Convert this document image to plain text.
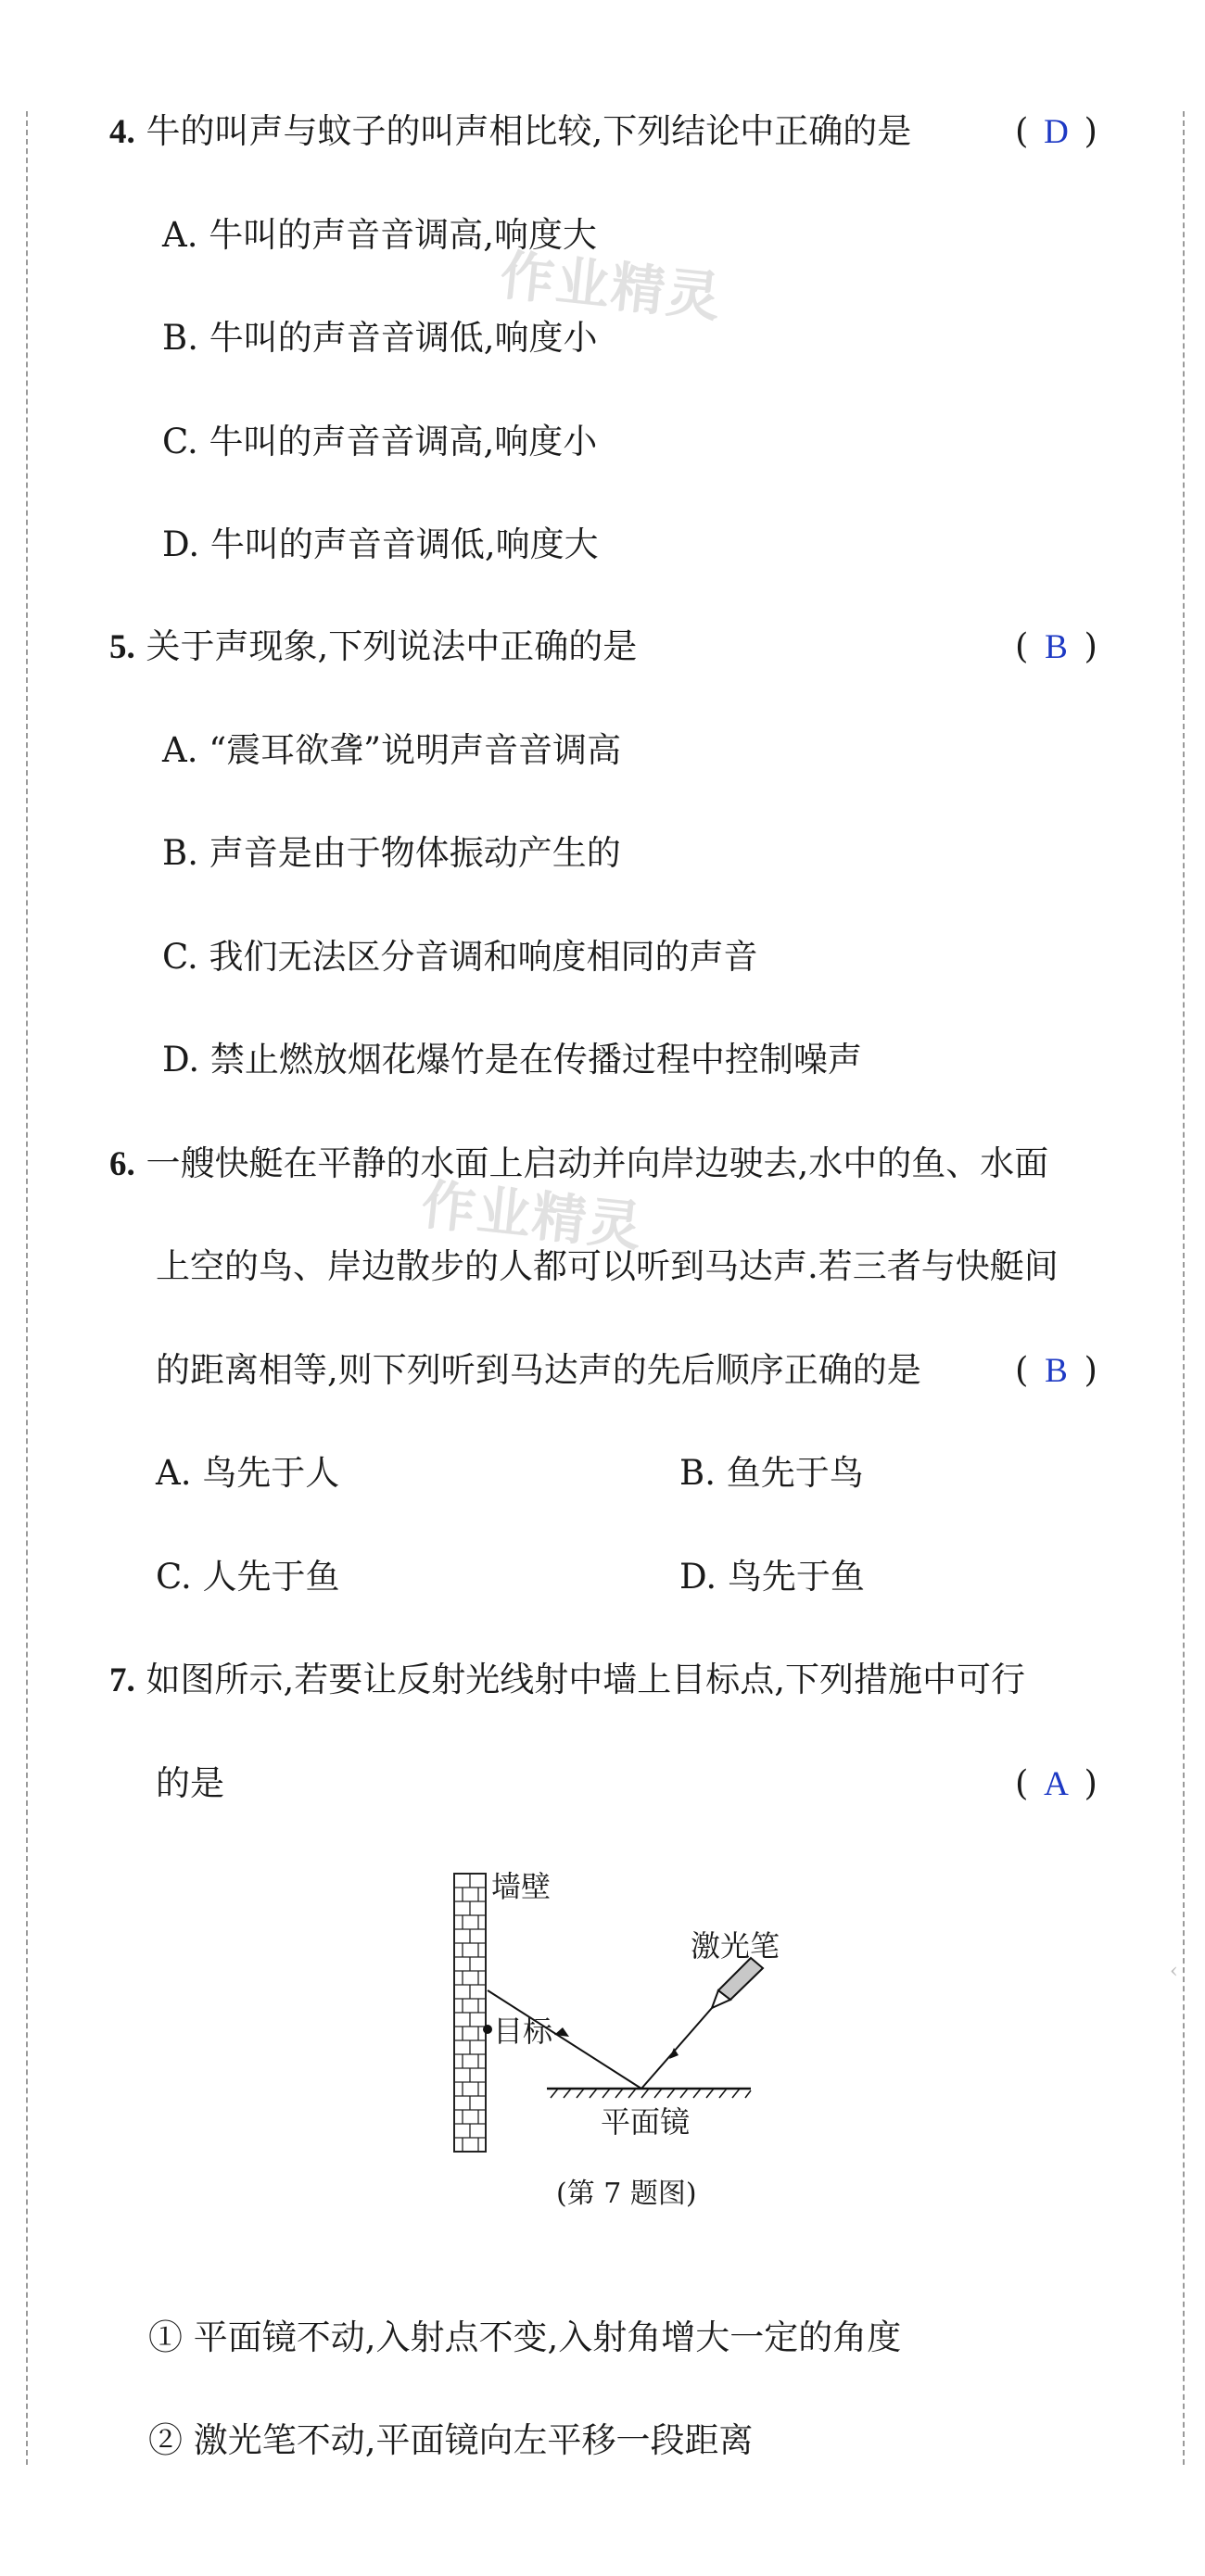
作业精灵
作业精灵
4. 牛的叫声与蚊子的叫声相比较,下列结论中正确的是	( D )
A. 牛叫的声音音调高,响度大
B. 牛叫的声音音调低,响度小
C. 牛叫的声音音调高,响度小
D. 牛叫的声音音调低,响度大
5. 关于声现象,下列说法中正确的是	( B )
A. “震耳欲聋”说明声音音调高
B. 声音是由于物体振动产生的
C. 我们无法区分音调和响度相同的声音
D. 禁止燃放烟花爆竹是在传播过程中控制噪声
6. 一艘快艇在平静的水面上启动并向岸边驶去,水中的鱼、水面
上空的鸟、岸边散步的人都可以听到马达声.若三者与快艇间
的距离相等,则下列听到马达声的先后顺序正确的是	( B )
A. 鸟先于人	B. 鱼先于鸟
C. 人先于鱼	D. 鸟先于鱼
7. 如图所示,若要让反射光线射中墙上目标点,下列措施中可行
的是	( A )
墙壁
激光笔
目标
平面镜
(第 7 题图)
‹
① 平面镜不动,入射点不变,入射角增大一定的角度
② 激光笔不动,平面镜向左平移一段距离
